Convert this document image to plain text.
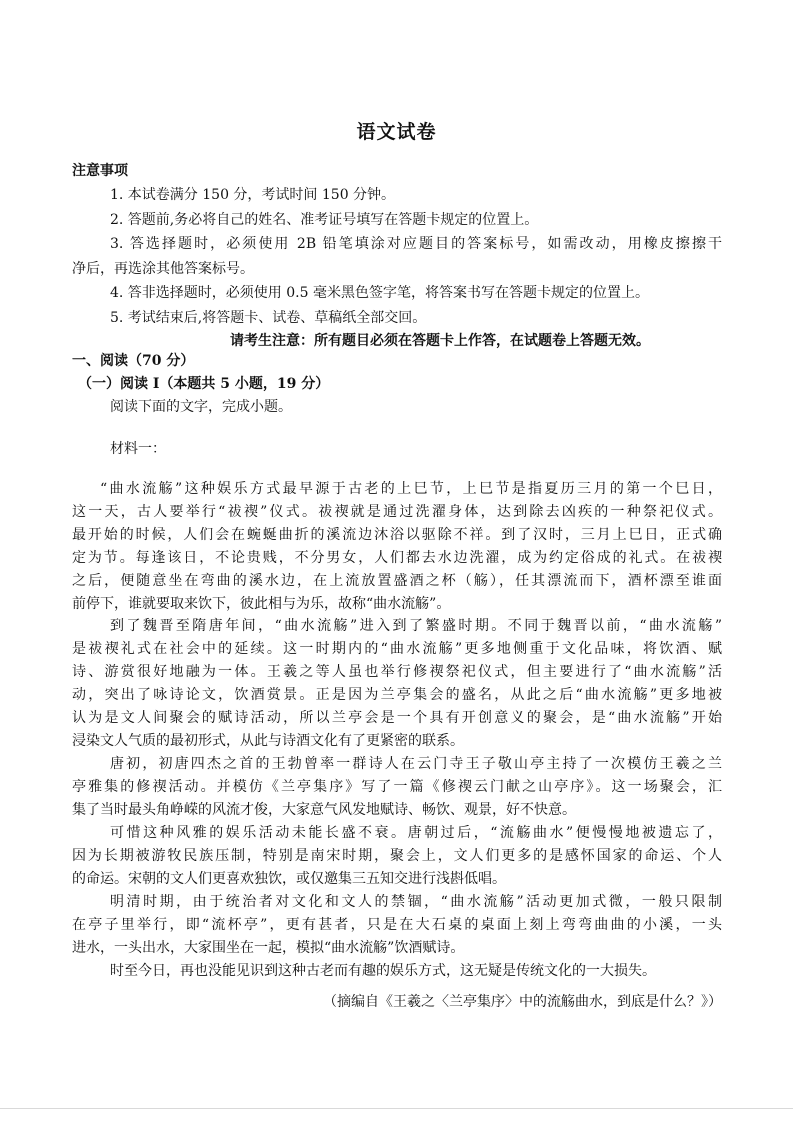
语文试卷
注意事项
1. 本试卷满分 150 分，考试时间 150 分钟。
2. 答题前,务必将自己的姓名、准考证号填写在答题卡规定的位置上。
3. 答选择题时，必须使用 2B 铅笔填涂对应题目的答案标号，如需改动，用橡皮擦擦干
净后，再选涂其他答案标号。
4. 答非选择题时，必须使用 0.5 毫米黑色签字笔，将答案书写在答题卡规定的位置上。
5. 考试结束后,将答题卡、试卷、草稿纸全部交回。
请考生注意：所有题目必须在答题卡上作答，在试题卷上答题无效。
一、阅读（70 分）
（一）阅读 I（本题共 5 小题，19 分）
阅读下面的文字，完成小题。
材料一：
“曲水流觞”这种娱乐方式最早源于古老的上巳节，上巳节是指夏历三月的第一个巳日，
这一天，古人要举行“祓禊”仪式。祓禊就是通过洗濯身体，达到除去凶疾的一种祭祀仪式。
最开始的时候，人们会在蜿蜒曲折的溪流边沐浴以驱除不祥。到了汉时，三月上巳日，正式确
定为节。每逢该日，不论贵贱，不分男女，人们都去水边洗濯，成为约定俗成的礼式。在祓禊
之后，便随意坐在弯曲的溪水边，在上流放置盛酒之杯（觞），任其漂流而下，酒杯漂至谁面
前停下，谁就要取来饮下，彼此相与为乐，故称“曲水流觞”。
到了魏晋至隋唐年间，“曲水流觞”进入到了繁盛时期。不同于魏晋以前，“曲水流觞”
是祓禊礼式在社会中的延续。这一时期内的“曲水流觞”更多地侧重于文化品味，将饮酒、赋
诗、游赏很好地融为一体。王羲之等人虽也举行修禊祭祀仪式，但主要进行了“曲水流觞”活
动，突出了咏诗论文，饮酒赏景。正是因为兰亭集会的盛名，从此之后“曲水流觞”更多地被
认为是文人间聚会的赋诗活动，所以兰亭会是一个具有开创意义的聚会，是“曲水流觞”开始
浸染文人气质的最初形式，从此与诗酒文化有了更紧密的联系。
唐初，初唐四杰之首的王勃曾率一群诗人在云门寺王子敬山亭主持了一次模仿王羲之兰
亭雅集的修禊活动。并模仿《兰亭集序》写了一篇《修禊云门献之山亭序》。这一场聚会，汇
集了当时最头角峥嵘的风流才俊，大家意气风发地赋诗、畅饮、观景，好不快意。
可惜这种风雅的娱乐活动未能长盛不衰。唐朝过后，“流觞曲水”便慢慢地被遗忘了，
因为长期被游牧民族压制，特别是南宋时期，聚会上，文人们更多的是感怀国家的命运、个人
的命运。宋朝的文人们更喜欢独饮，或仅邀集三五知交进行浅斟低唱。
明清时期，由于统治者对文化和文人的禁锢，“曲水流觞”活动更加式微，一般只限制
在亭子里举行，即“流杯亭”，更有甚者，只是在大石桌的桌面上刻上弯弯曲曲的小溪，一头
进水，一头出水，大家围坐在一起，模拟“曲水流觞”饮酒赋诗。
时至今日，再也没能见识到这种古老而有趣的娱乐方式，这无疑是传统文化的一大损失。
（摘编自《王羲之〈兰亭集序〉中的流觞曲水，到底是什么？》）
